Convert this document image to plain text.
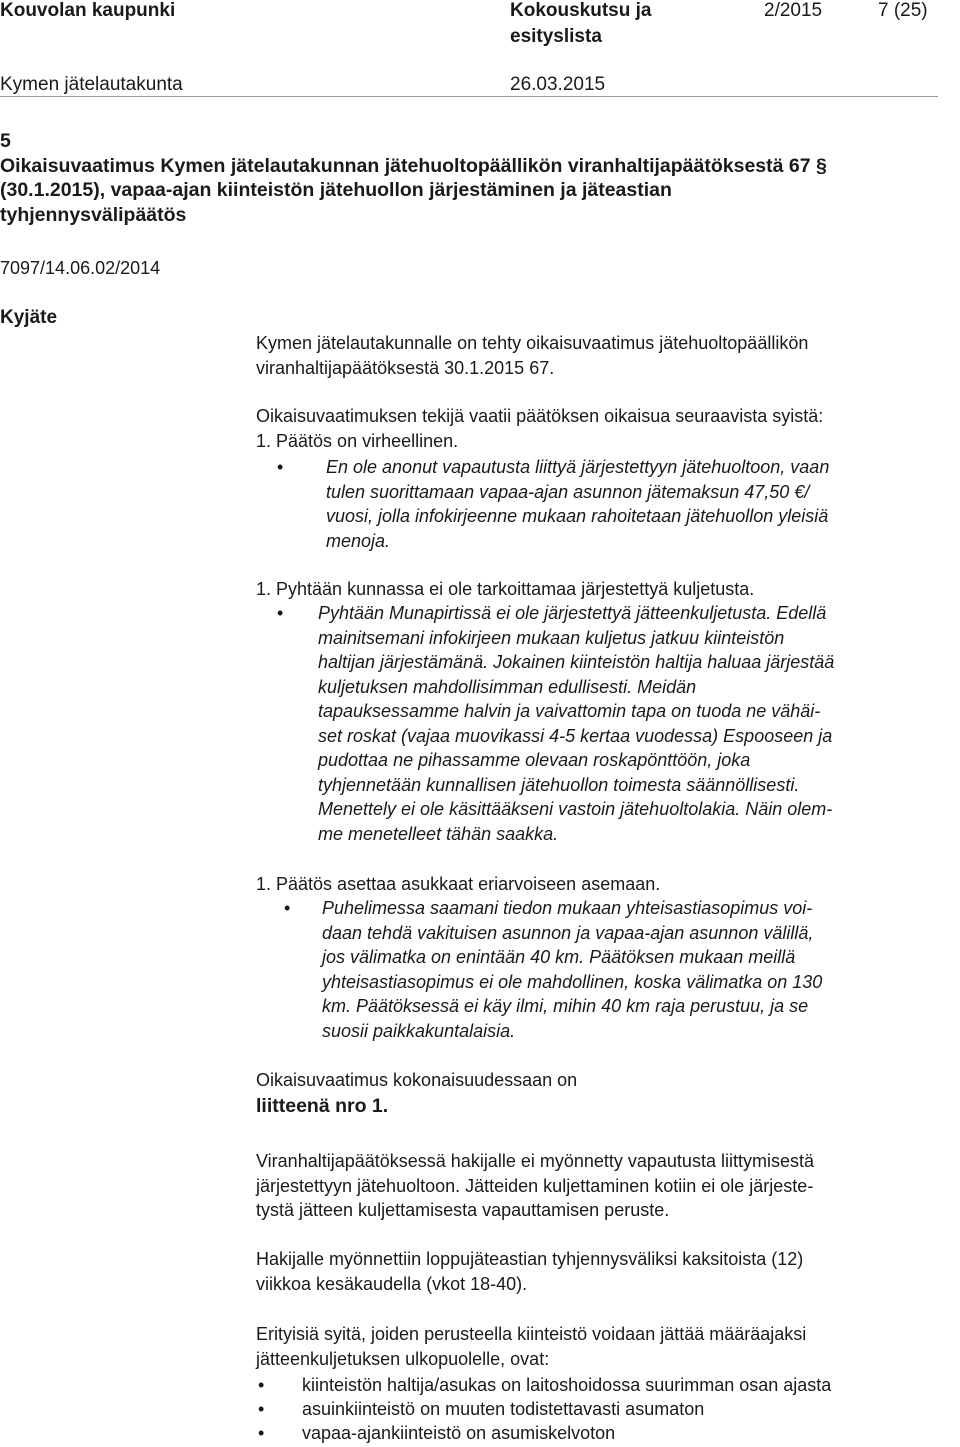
Kouvolan kaupunki	Kokouskutsu ja
esityslista
2/2015	7 (25)
Kymen jätelautakunta	26.03.2015
5
Oikaisuvaatimus Kymen jätelautakunnan jätehuoltopäällikön viranhaltijapäätöksestä 67 §
(30.1.2015), vapaa-ajan kiinteistön jätehuollon järjestäminen ja jäteastian
tyhjennysvälipäätös
7097/14.06.02/2014
Kyjäte
Kymen jätelautakunnalle on tehty oikaisuvaatimus jätehuoltopäällikön
viranhaltijapäätöksestä 30.1.2015 67.
Oikaisuvaatimuksen tekijä vaatii päätöksen oikaisua seuraavista syistä:
1. Päätös on virheellinen.
• En ole anonut vapautusta liittyä järjestettyyn jätehuoltoon, vaan
tulen suorittamaan vapaa-ajan asunnon jätemaksun 47,50 €/
vuosi, jolla infokirjeenne mukaan rahoitetaan jätehuollon yleisiä
menoja.
1. Pyhtään kunnassa ei ole tarkoittamaa järjestettyä kuljetusta.
• Pyhtään Munapirtissä ei ole järjestettyä jätteenkuljetusta. Edellä
mainitsemani infokirjeen mukaan kuljetus jatkuu kiinteistön
haltijan järjestämänä. Jokainen kiinteistön haltija haluaa järjestää
kuljetuksen mahdollisimman edullisesti. Meidän
tapauksessamme halvin ja vaivattomin tapa on tuoda ne vähäi-
set roskat (vajaa muovikassi 4-5 kertaa vuodessa) Espooseen ja
pudottaa ne pihassamme olevaan roskapönttöön, joka
tyhjennetään kunnallisen jätehuollon toimesta säännöllisesti.
Menettely ei ole käsittääkseni vastoin jätehuoltolakia. Näin olem-
me menetelleet tähän saakka.
1. Päätös asettaa asukkaat eriarvoiseen asemaan.
• Puhelimessa saamani tiedon mukaan yhteisastiasopimus voi-
daan tehdä vakituisen asunnon ja vapaa-ajan asunnon välillä,
jos välimatka on enintään 40 km. Päätöksen mukaan meillä
yhteisastiasopimus ei ole mahdollinen, koska välimatka on 130
km. Päätöksessä ei käy ilmi, mihin 40 km raja perustuu, ja se
suosii paikkakuntalaisia.
Oikaisuvaatimus kokonaisuudessaan on
liitteenä nro 1.
Viranhaltijapäätöksessä hakijalle ei myönnetty vapautusta liittymisestä
järjestettyyn jätehuoltoon. Jätteiden kuljettaminen kotiin ei ole järjeste-
tystä jätteen kuljettamisesta vapauttamisen peruste.
Hakijalle myönnettiin loppujäteastian tyhjennysväliksi kaksitoista (12)
viikkoa kesäkaudella (vkot 18-40).
Erityisiä syitä, joiden perusteella kiinteistö voidaan jättää määräajaksi
jätteenkuljetuksen ulkopuolelle, ovat:
• kiinteistön haltija/asukas on laitoshoidossa suurimman osan ajasta
• asuinkiinteistö on muuten todistettavasti asumaton
• vapaa-ajankiinteistö on asumiskelvoton
